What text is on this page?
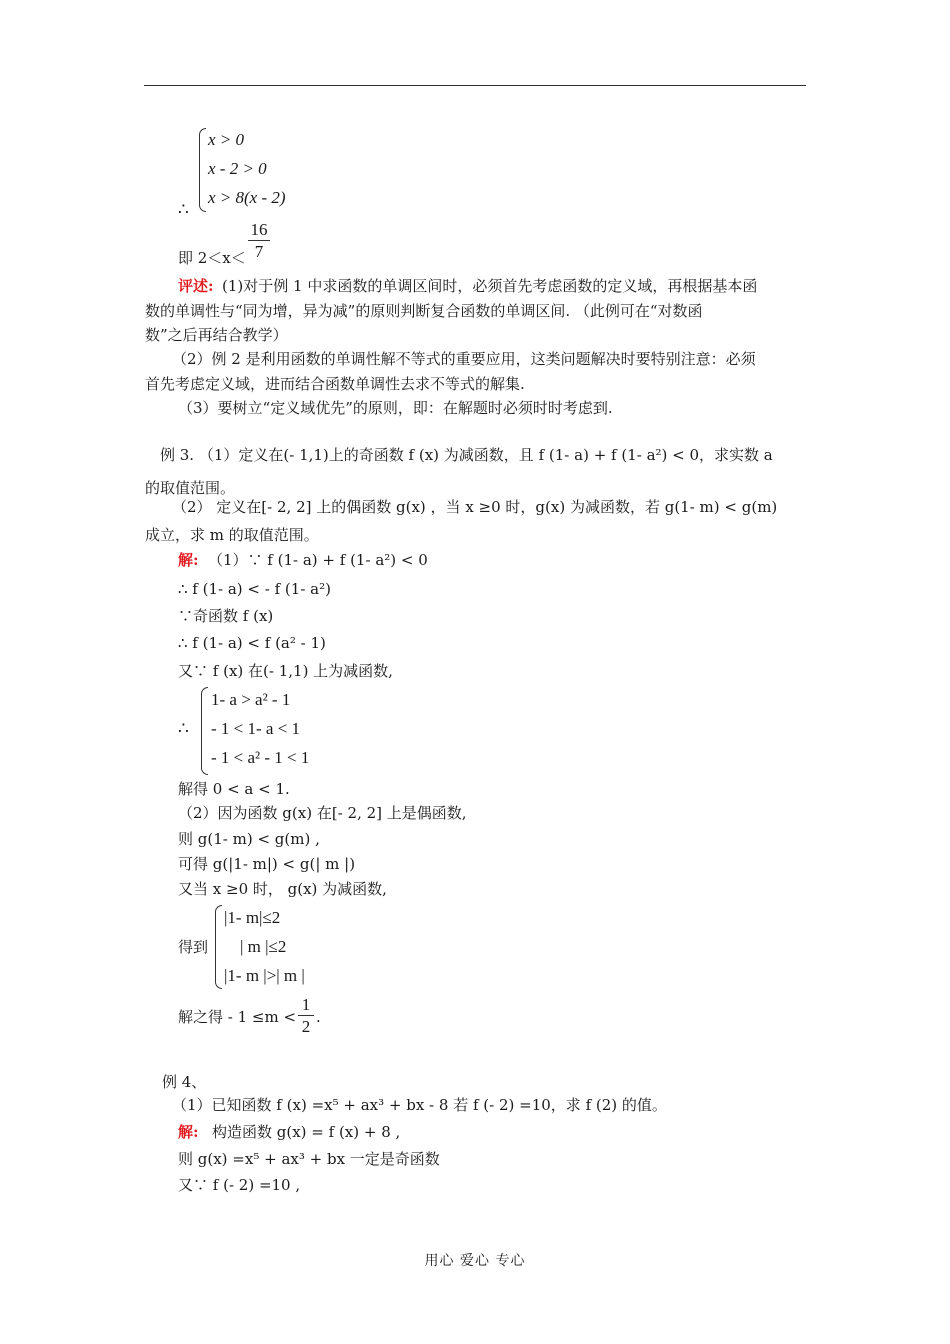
∴
x > 0
x - 2 > 0
x > 8(x - 2)
即 2＜x＜
16
7
评述: (1)对于例 1 中求函数的单调区间时，必须首先考虑函数的定义域，再根据基本函
数的单调性与“同为增，异为减”的原则判断复合函数的单调区间. （此例可在“对数函
数”之后再结合教学）
（2）例 2 是利用函数的单调性解不等式的重要应用，这类问题解决时要特别注意：必须
首先考虑定义域，进而结合函数单调性去求不等式的解集.
（3）要树立“定义域优先”的原则，即：在解题时必须时时考虑到.
例 3. （1）定义在(- 1,1)上的奇函数 f (x) 为减函数，且 f (1- a) + f (1- a²) < 0，求实数 a
的取值范围。
（2） 定义在[- 2, 2] 上的偶函数 g(x) ，当 x ≥0 时，g(x) 为减函数，若 g(1- m) < g(m)
成立，求 m 的取值范围。
解: （1）∵ f (1- a) + f (1- a²) < 0
∴ f (1- a) < - f (1- a²)
∵奇函数 f (x)
∴ f (1- a) < f (a² - 1)
又∵ f (x) 在(- 1,1) 上为减函数,
∴
1- a > a² - 1
- 1 < 1- a < 1
- 1 < a² - 1 < 1
解得 0 < a < 1.
（2）因为函数 g(x) 在[- 2, 2] 上是偶函数,
则 g(1- m) < g(m) ,
可得 g(|1- m|) < g(| m |)
又当 x ≥0 时， g(x) 为减函数,
得到
|1- m|≤2
| m |≤2
|1- m |>| m |
解之得 - 1 ≤m <
1
2 .
例 4、
（1）已知函数 f (x) =x⁵ + ax³ + bx - 8 若 f (- 2) =10，求 f (2) 的值。
解: 构造函数 g(x) = f (x) + 8 ,
则 g(x) =x⁵ + ax³ + bx 一定是奇函数
又∵ f (- 2) =10 ,
用心 爱心 专心
